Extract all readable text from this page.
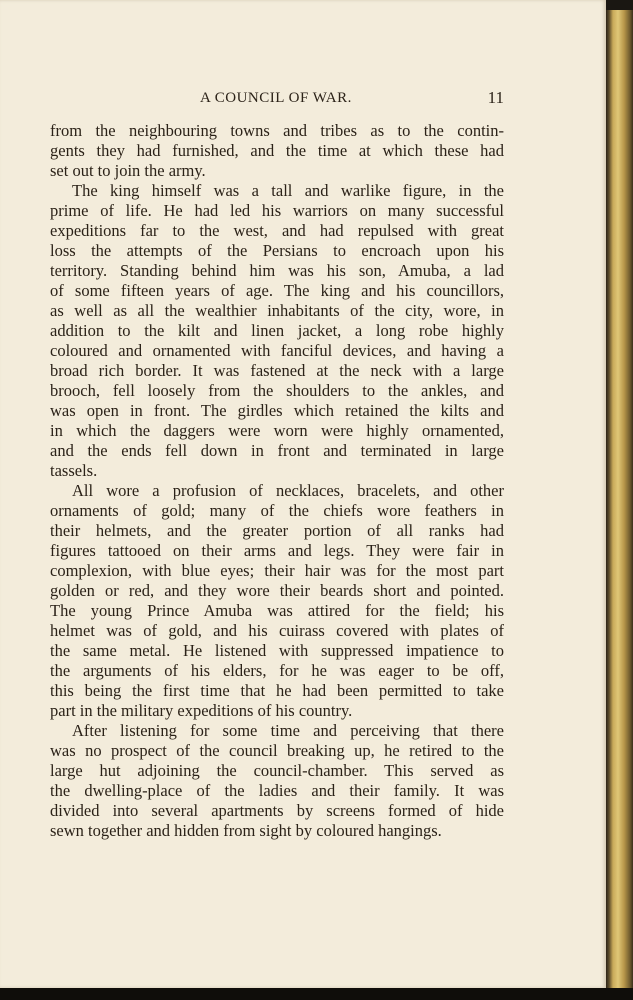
A COUNCIL OF WAR.	11
from the neighbouring towns and tribes as to the contin-
gents they had furnished, and the time at which these had
set out to join the army.
The king himself was a tall and warlike figure, in the
prime of life. He had led his warriors on many successful
expeditions far to the west, and had repulsed with great
loss the attempts of the Persians to encroach upon his
territory. Standing behind him was his son, Amuba, a lad
of some fifteen years of age. The king and his councillors,
as well as all the wealthier inhabitants of the city, wore, in
addition to the kilt and linen jacket, a long robe highly
coloured and ornamented with fanciful devices, and having a
broad rich border. It was fastened at the neck with a large
brooch, fell loosely from the shoulders to the ankles, and
was open in front. The girdles which retained the kilts and
in which the daggers were worn were highly ornamented,
and the ends fell down in front and terminated in large
tassels.
All wore a profusion of necklaces, bracelets, and other
ornaments of gold; many of the chiefs wore feathers in
their helmets, and the greater portion of all ranks had
figures tattooed on their arms and legs. They were fair in
complexion, with blue eyes; their hair was for the most part
golden or red, and they wore their beards short and pointed.
The young Prince Amuba was attired for the field; his
helmet was of gold, and his cuirass covered with plates of
the same metal. He listened with suppressed impatience to
the arguments of his elders, for he was eager to be off,
this being the first time that he had been permitted to take
part in the military expeditions of his country.
After listening for some time and perceiving that there
was no prospect of the council breaking up, he retired to the
large hut adjoining the council-chamber. This served as
the dwelling-place of the ladies and their family. It was
divided into several apartments by screens formed of hide
sewn together and hidden from sight by coloured hangings.
